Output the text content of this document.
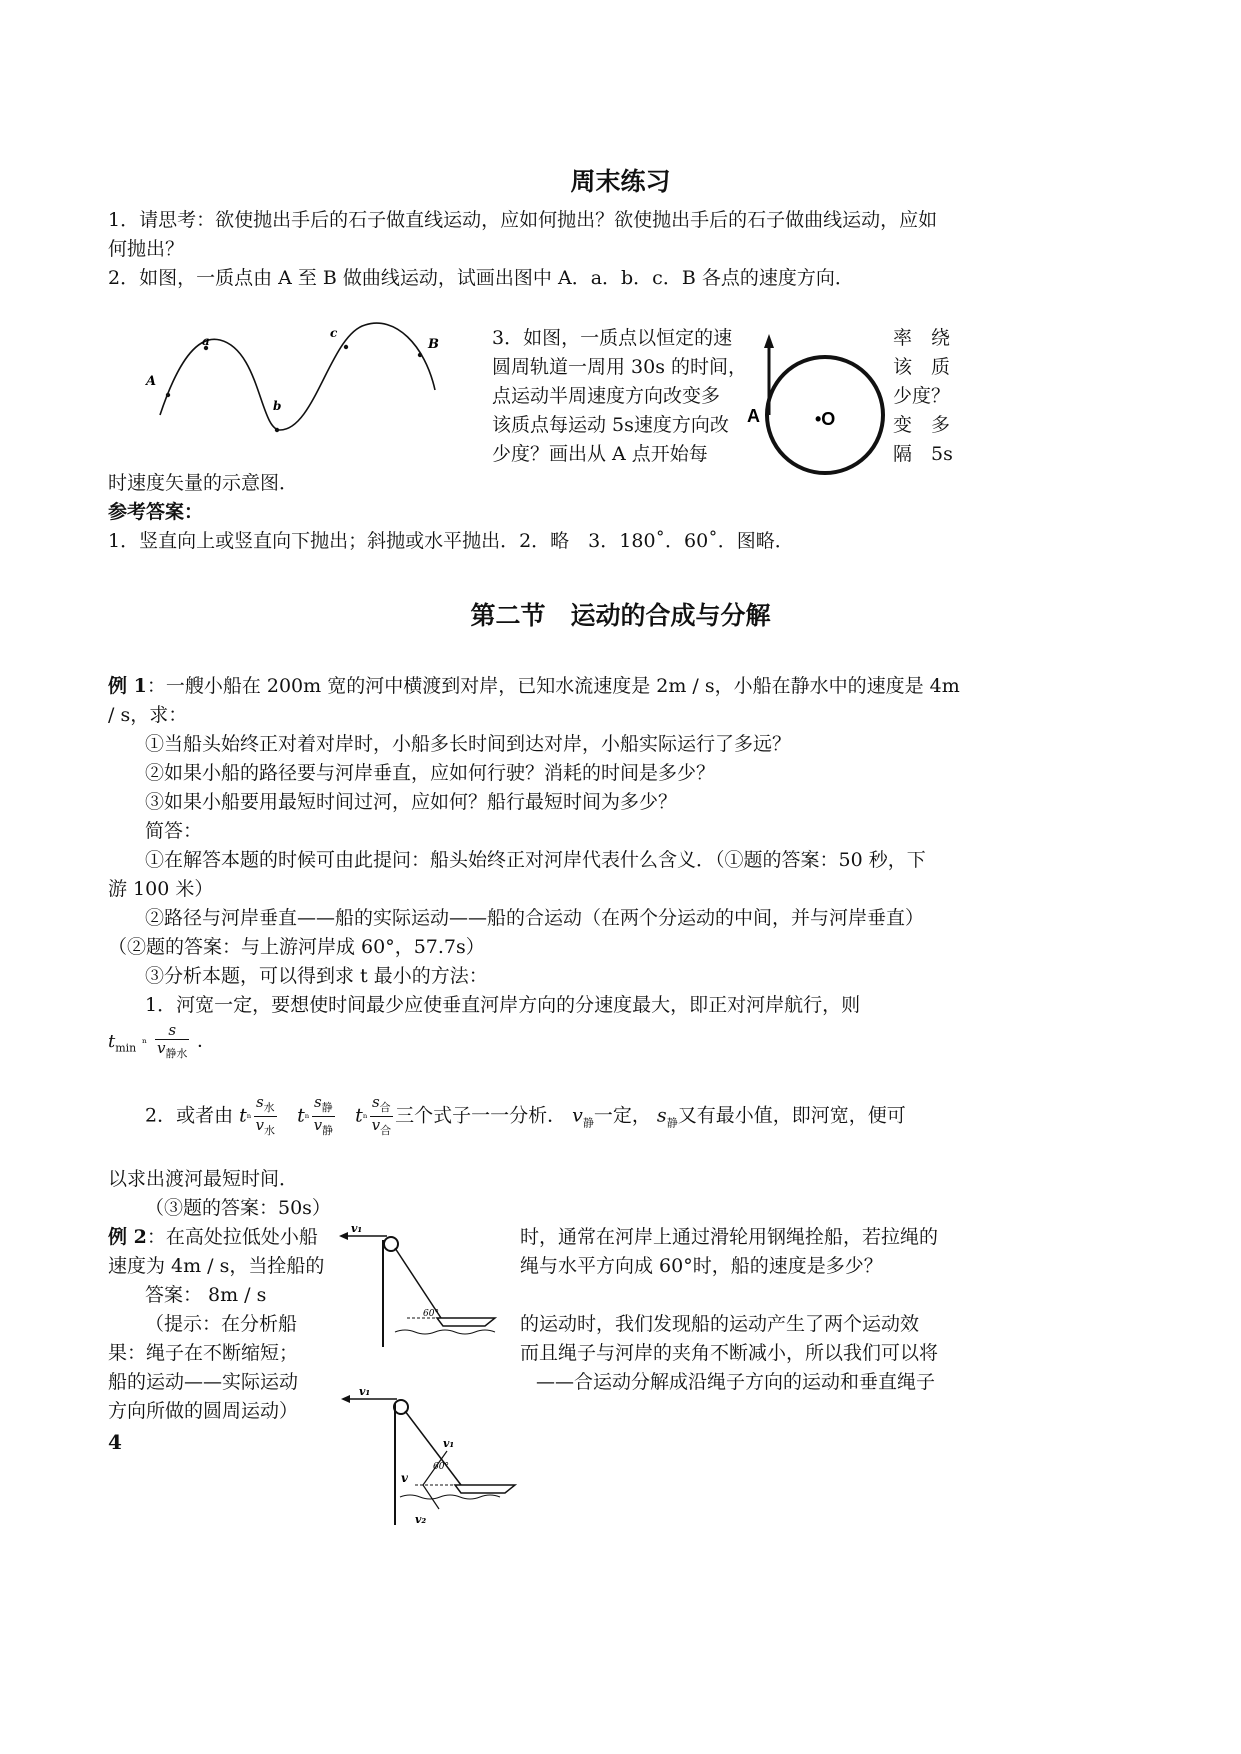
周末练习
1．请思考：欲使抛出手后的石子做直线运动，应如何抛出？欲使抛出手后的石子做曲线运动，应如
何抛出？
2．如图，一质点由 A 至 B 做曲线运动，试画出图中 A．a．b．c．B 各点的速度方向．
A
a
b
c
B	3．如图，一质点以恒定的速
圆周轨道一周用 30s 的时间，
点运动半周速度方向改变多
该质点每运动 5s速度方向改
少度？画出从 A 点开始每
率　绕
该　质
少度？
变　多
隔　5s
A	•O
时速度矢量的示意图．
参考答案：
1．竖直向上或竖直向下抛出；斜抛或水平抛出．2．略　3．180˚．60˚．图略．
第二节　运动的合成与分解
例 1：一艘小船在 200m 宽的河中横渡到对岸，已知水流速度是 2m / s，小船在静水中的速度是 4m
/ s，求：
①当船头始终正对着对岸时，小船多长时间到达对岸，小船实际运行了多远？
②如果小船的路径要与河岸垂直，应如何行驶？消耗的时间是多少？
③如果小船要用最短时间过河，应如何？船行最短时间为多少？
简答：
①在解答本题的时候可由此提问：船头始终正对河岸代表什么含义．（①题的答案：50 秒，下
游 100 米）
②路径与河岸垂直——船的实际运动——船的合运动（在两个分运动的中间，并与河岸垂直）
（②题的答案：与上游河岸成 60°，57.7s）
③分析本题，可以得到求 t 最小的方法：
1．河宽一定，要想使时间最少应使垂直河岸方向的分速度最大，即正对河岸航行，则
$t_{min}$ ⁿ $\frac{s}{v_{静水}}$ ．
2．或者由 tⁿ $\frac{s_水}{v_水}$ tⁿ $\frac{s_静}{v_静}$ tⁿ $\frac{s_合}{v_合}$ 三个式子一一分析． $v_静$一定， $s_静$又有最小值，即河宽，便可
以求出渡河最短时间．
（③题的答案：50s）
例 2：在高处拉低处小船
速度为 4m / s，当拴船的
答案： 8m / s
（提示：在分析船
果：绳子在不断缩短；
船的运动——实际运动
方向所做的圆周运动）
时，通常在河岸上通过滑轮用钢绳拴船，若拉绳的
绳与水平方向成 60°时，船的速度是多少？
的运动时，我们发现船的运动产生了两个运动效
而且绳子与河岸的夹角不断减小，所以我们可以将
——合运动分解成沿绳子方向的运动和垂直绳子
v₁
60°
v₁
v₁
v
v₂
60°
4
